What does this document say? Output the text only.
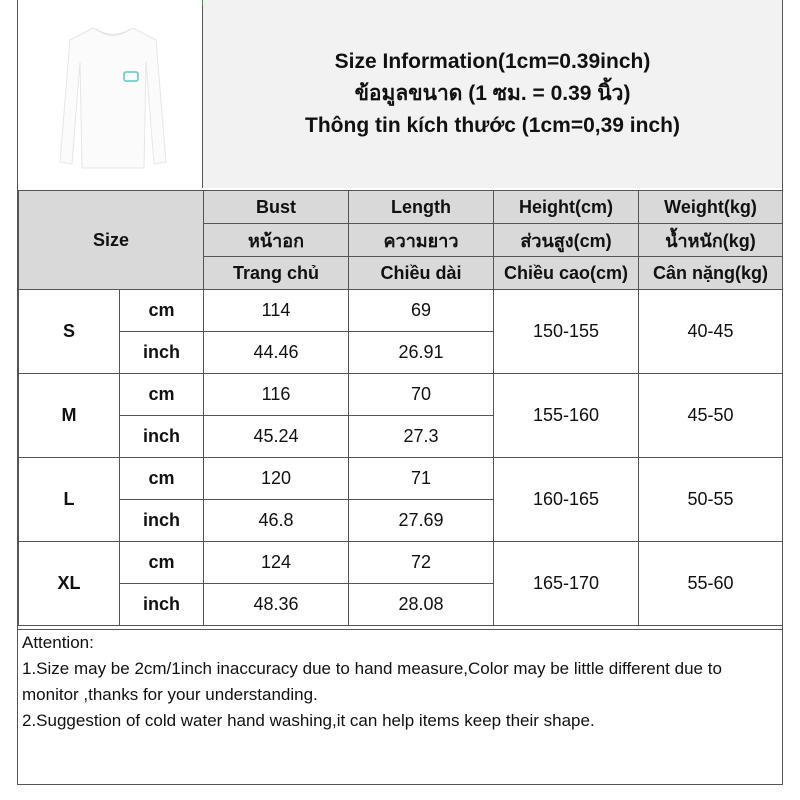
Size Information(1cm=0.39inch)
ข้อมูลขนาด (1 ซม. = 0.39 นิ้ว)
Thông tin kích thước (1cm=0,39 inch)
Size		Bust	Length	Height(cm)	Weight(kg)
		หน้าอก	ความยาว	ส่วนสูง(cm)	น้ำหนัก(kg)
		Trang chủ	Chiều dài	Chiều cao(cm)	Cân nặng(kg)
S	cm	114	69	150-155	40-45
	inch	44.46	26.91		
M	cm	116	70	155-160	45-50
	inch	45.24	27.3		
L	cm	120	71	160-165	50-55
	inch	46.8	27.69		
XL	cm	124	72	165-170	55-60
	inch	48.36	28.08		
Attention:
1.Size may be 2cm/1inch inaccuracy due to hand measure,Color may be little different due to monitor ,thanks for your understanding.
2.Suggestion of cold water hand washing,it can help items keep their shape.
